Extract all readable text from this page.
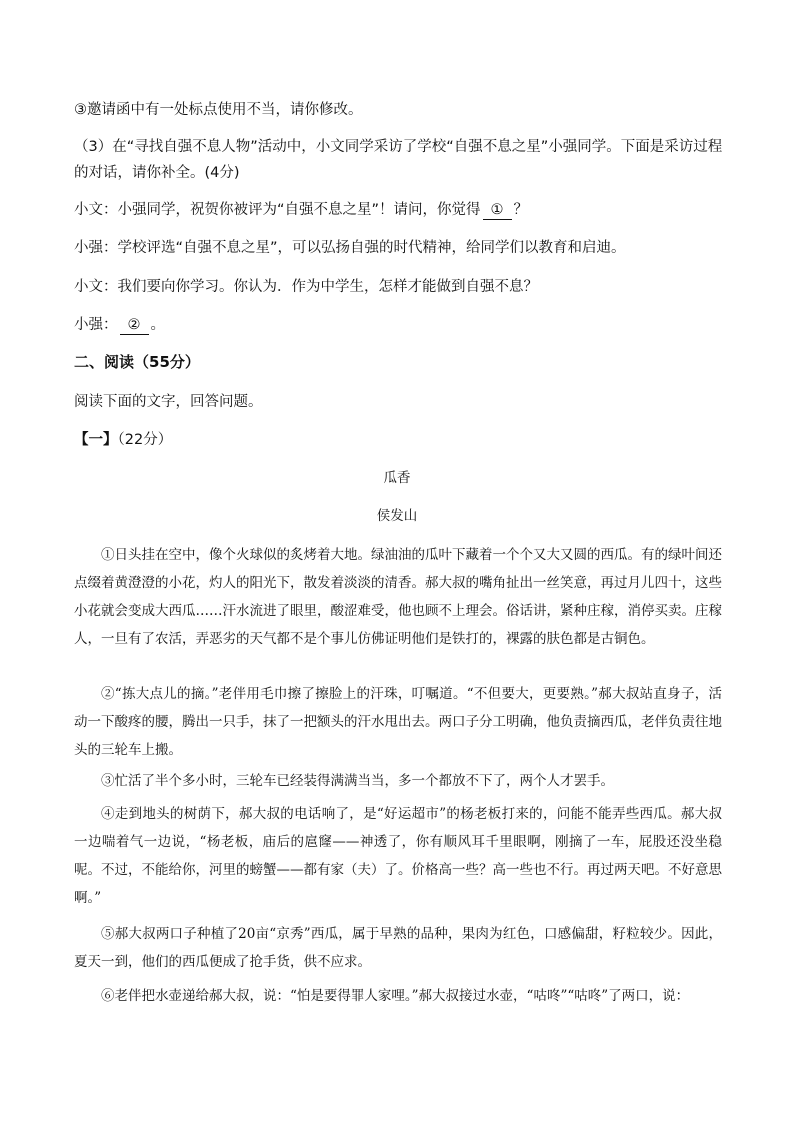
③邀请函中有一处标点使用不当，请你修改。
（3）在“寻找自强不息人物”活动中，小文同学采访了学校“自强不息之星”小强同学。下面是采访过程
的对话，请你补全。(4分)
小文：小强同学，祝贺你被评为“自强不息之星”！请问，你觉得 ① ？
小强：学校评选“自强不息之星”，可以弘扬自强的时代精神，给同学们以教育和启迪。
小文：我们要向你学习。你认为．作为中学生，怎样才能做到自强不息？
小强： ② 。
二、阅读（55分）
阅读下面的文字，回答问题。
【一】（22分）
瓜香
侯发山

①日头挂在空中，像个火球似的炙烤着大地。绿油油的瓜叶下藏着一个个又大又圆的西瓜。有的绿叶间还点缀着黄澄澄的小花，灼人的阳光下，散发着淡淡的清香。郝大叔的嘴角扯出一丝笑意，再过月儿四十，这些小花就会变成大西瓜……汗水流进了眼里，酸涩难受，他也顾不上理会。俗话讲，紧种庄稼，消停买卖。庄稼人，一旦有了农活，弄恶劣的天气都不是个事儿仿佛证明他们是铁打的，裸露的肤色都是古铜色。

②“拣大点儿的摘。”老伴用毛巾擦了擦脸上的汗珠，叮嘱道。“不但要大，更要熟。”郝大叔站直身子，活动一下酸疼的腰，腾出一只手，抹了一把额头的汗水甩出去。两口子分工明确，他负责摘西瓜，老伴负责往地头的三轮车上搬。

③忙活了半个多小时，三轮车已经装得满满当当，多一个都放不下了，两个人才罢手。

④走到地头的树荫下，郝大叔的电话响了，是“好运超市”的杨老板打来的，问能不能弄些西瓜。郝大叔一边喘着气一边说，“杨老板，庙后的扈窿——神透了，你有顺风耳千里眼啊，刚摘了一车，屁股还没坐稳呢。不过，不能给你，河里的螃蟹——都有家（夫）了。价格高一些？高一些也不行。再过两天吧。不好意思啊。”

⑤郝大叔两口子种植了20亩“京秀”西瓜，属于早熟的品种，果肉为红色，口感偏甜，籽粒较少。因此，夏天一到，他们的西瓜便成了抢手货，供不应求。

⑥老伴把水壶递给郝大叔，说：“怕是要得罪人家哩。”郝大叔接过水壶，“咕咚”“咕咚”了两口，说：
